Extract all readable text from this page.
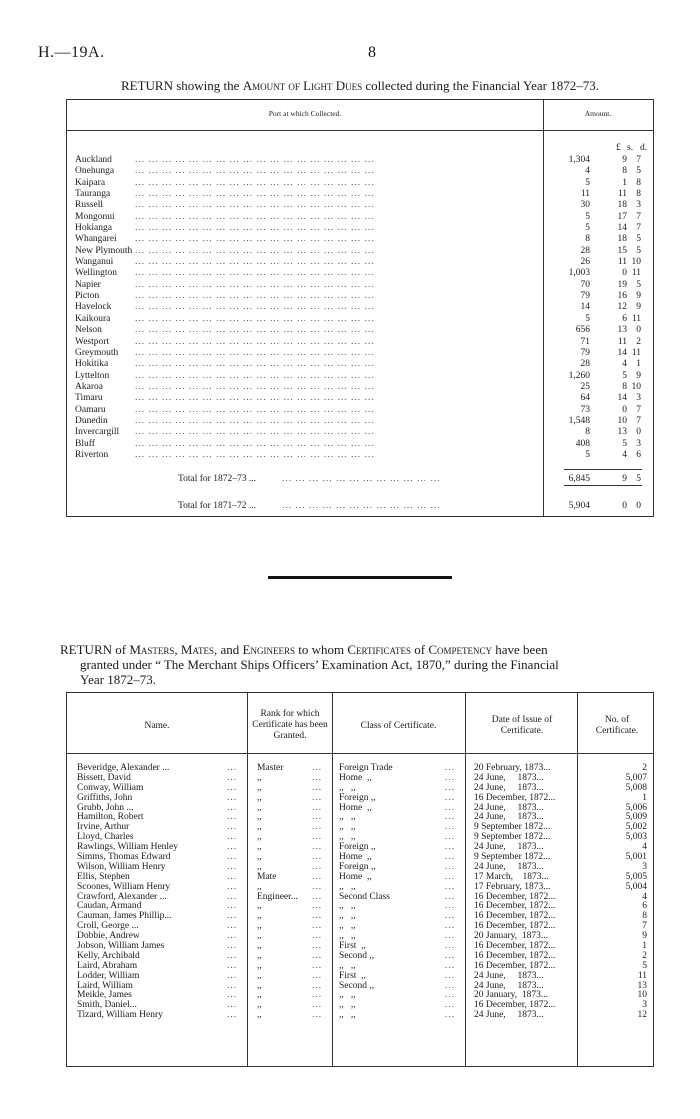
H.—19A.	8
RETURN showing the Amount of Light Dues collected during the Financial Year 1872–73.
Port at which Collected.	Amount.
£ s. d.
Auckland ... ... ... ... ... ... ... ... ... ... ... ... ... ... ... ... ... ...	1,304	9 7
Onehunga ... ... ... ... ... ... ... ... ... ... ... ... ... ... ... ... ... ...	4	8 5
Kaipara	... ... ... ... ... ... ... ... ... ... ... ... ... ... ... ... ... ...	5	1 8
Tauranga	... ... ... ... ... ... ... ... ... ... ... ... ... ... ... ... ... ...	11	11 8
Russell	... ... ... ... ... ... ... ... ... ... ... ... ... ... ... ... ... ...	30	18 3
Mongonui ... ... ... ... ... ... ... ... ... ... ... ... ... ... ... ... ... ...	5	17 7
Hokianga ... ... ... ... ... ... ... ... ... ... ... ... ... ... ... ... ... ...	5	14 7
Whangarei ... ... ... ... ... ... ... ... ... ... ... ... ... ... ... ... ... ...	8	18 5
New Plymouth ... ... ... ... ... ... ... ... ... ... ... ... ... ... ... ... ... ...	28	15 5
Wanganui ... ... ... ... ... ... ... ... ... ... ... ... ... ... ... ... ... ...	26	11 10
Wellington ... ... ... ... ... ... ... ... ... ... ... ... ... ... ... ... ... ...	1,003	0 11
Napier	... ... ... ... ... ... ... ... ... ... ... ... ... ... ... ... ... ...	70	19 5
Picton	... ... ... ... ... ... ... ... ... ... ... ... ... ... ... ... ... ...	79	16 9
Havelock ... ... ... ... ... ... ... ... ... ... ... ... ... ... ... ... ... ...	14	12 9
Kaikoura	... ... ... ... ... ... ... ... ... ... ... ... ... ... ... ... ... ...	5	6 11
Nelson	... ... ... ... ... ... ... ... ... ... ... ... ... ... ... ... ... ...	656	13 0
Westport	... ... ... ... ... ... ... ... ... ... ... ... ... ... ... ... ... ...	71	11 2
Greymouth ... ... ... ... ... ... ... ... ... ... ... ... ... ... ... ... ... ...	79	14 11
Hokitika	... ... ... ... ... ... ... ... ... ... ... ... ... ... ... ... ... ...	28	4 1
Lyttelton	... ... ... ... ... ... ... ... ... ... ... ... ... ... ... ... ... ...	1,260	5 9
Akaroa	... ... ... ... ... ... ... ... ... ... ... ... ... ... ... ... ... ...	25	8 10
Timaru	... ... ... ... ... ... ... ... ... ... ... ... ... ... ... ... ... ...	64	14 3
Oamaru	... ... ... ... ... ... ... ... ... ... ... ... ... ... ... ... ... ...	73	0 7
Dunedin	... ... ... ... ... ... ... ... ... ... ... ... ... ... ... ... ... ...	1,548	10 7
Invercargill ... ... ... ... ... ... ... ... ... ... ... ... ... ... ... ... ... ...	8	13 0
Bluff	... ... ... ... ... ... ... ... ... ... ... ... ... ... ... ... ... ...	408	5 3
Riverton	... ... ... ... ... ... ... ... ... ... ... ... ... ... ... ... ... ...	5	4 6
Total for 1872–73 ...	... ... ... ... ... ... ... ... ... ... ... ...	6,845	9 5
Total for 1871–72 ...	... ... ... ... ... ... ... ... ... ... ... ...	5,904	0 0
RETURN of Masters, Mates, and Engineers to whom Certificates of Competency have been
granted under “ The Merchant Ships Officers’ Examination Act, 1870,” during the Financial
Year 1872–73.
Name.
Rank for which Certificate has been Granted.
Class of Certificate.
Date of Issue of Certificate.
No. of Certificate.
Beveridge, Alexander ...	... Master	... Foreign Trade	... 20 February, 1873...	2
Bissett, David	... ,,	... Home  ,,	... 24 June,     1873...	5,007
Conway, William	... ,,	... ,,   ,,	... 24 June,     1873...	5,008
Griffiths, John	... ,,	... Foreign ,,	... 16 December, 1872...	1
Grubb, John ...	... ,,	... Home  ,,	... 24 June,     1873...	5,006
Hamilton, Robert	... ,,	... ,,   ,,	... 24 June,     1873...	5,009
Irvine, Arthur	... ,,	... ,,   ,,	... 9 September 1872...	5,002
Lloyd, Charles	... ,,	... ,,   ,,	... 9 September 1872...	5,003
Rawlings, William Henley	... ,,	... Foreign ,,	... 24 June,     1873...	4
Simms, Thomas Edward	... ,,	... Home  ,,	... 9 September 1872...	5,001
Wilson, William Henry	... ,,	... Foreign ,,	... 24 June,     1873...	3
Ellis, Stephen	... Mate	... Home  ,,	... 17 March,    1873...	5,005
Scoones, William Henry	... ,,	... ,,   ,,	... 17 February, 1873...	5,004
Crawford, Alexander ...	... Engineer... ... Second Class	... 16 December, 1872...	4
Caudan, Armand	... ,,	... ,,   ,,	... 16 December, 1872...	6
Cauman, James Phillip...	... ,,	... ,,   ,,	... 16 December, 1872...	8
Croll, George ...	... ,,	... ,,   ,,	... 16 December, 1872...	7
Dobbie, Andrew	... ,,	... ,,   ,,	... 20 January,  1873...	9
Jobson, William James	... ,,	... First  ,,	... 16 December, 1872...	1
Kelly, Archibald	... ,,	... Second ,,	... 16 December, 1872...	2
Laird, Abraham	... ,,	... ,,   ,,	... 16 December, 1872...	5
Lodder, William	... ,,	... First  ,,	... 24 June,     1873...	11
Laird, William	... ,,	... Second ,,	... 24 June,     1873...	13
Meikle, James	... ,,	... ,,   ,,	... 20 January,  1873...	10
Smith, Daniel...	... ,,	... ,,   ,,	... 16 December, 1872...	3
Tizard, William Henry	... ,,	... ,,   ,,	... 24 June,     1873...	12
